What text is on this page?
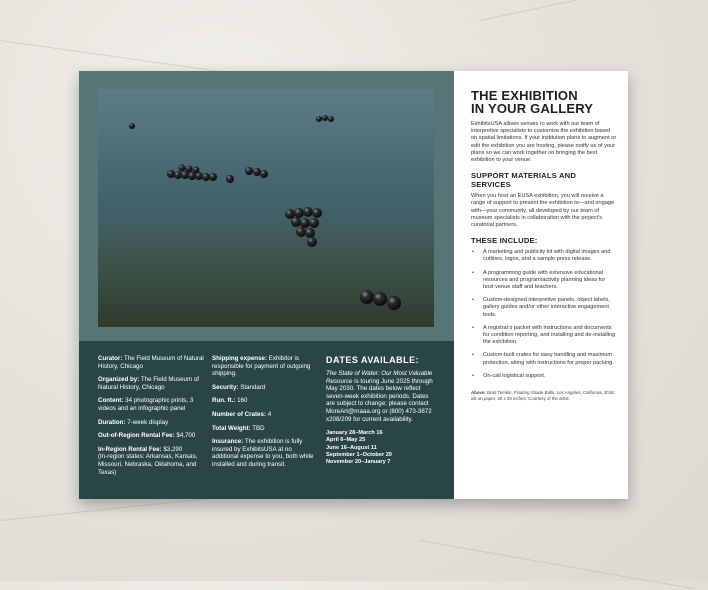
Curator: The Field Museum of Natural History, Chicago

Organized by: The Field Museum of Natural History, Chicago

Content: 34 photographic prints, 3 videos and an infographic panel

Duration: 7-week display

Out-of-Region Rental Fee: $4,700

In-Region Rental Fee: $3,290
(In-region states: Arkansas, Kansas, Missouri, Nebraska, Oklahoma, and Texas)

Shipping expense: Exhibitor is responsible for payment of outgoing shipping.

Security: Standard

Run. ft.: 160

Number of Crates: 4

Total Weight: TBD

Insurance: The exhibition is fully insured by ExhibitsUSA at no additional expense to you, both while installed and during transit.

DATES AVAILABLE:
The State of Water: Our Most Valuable Resource is touring June 2025 through May 2030. The dates below reflect seven-week exhibition periods. Dates are subject to change; please contact MoreArt@maaa.org or (800) 473-3872 x208/209 for current availability.
January 28–March 16
April 6–May 25
June 16–August 11
September 1–October 20
November 20–January 7
THE EXHIBITION
IN YOUR GALLERY

ExhibitsUSA allows venues to work with our team of interpretive specialists to customize the exhibition based on spatial limitations. If your institution plans to augment or edit the exhibition you are hosting, please notify us of your plans so we can work together on bringing the best exhibition to your venue.

SUPPORT MATERIALS AND SERVICES

When you host an EUSA exhibition, you will receive a range of support to present the exhibition to—and engage with—your community, all developed by our team of museum specialists in collaboration with the project's curatorial partners.

THESE INCLUDE:
• A marketing and publicity kit with digital images and cutlines, logos, and a sample press release.
• A programming guide with extensive educational resources and program/activity planning ideas for host venue staff and teachers.
• Custom-designed interpretive panels, object labels, gallery guides and/or other interactive engagement tools.
• A registrar's packet with instructions and documents for condition reporting, and installing and de-installing the exhibition.
• Custom-built crates for easy handling and maximum protection, along with instructions for proper packing.
• On-call logistical support.
Above: Brad Temkin, Floating Shade Balls, Los Angeles, California, 2018; ink on paper, 20 x 25 inches; Courtesy of the artist.
